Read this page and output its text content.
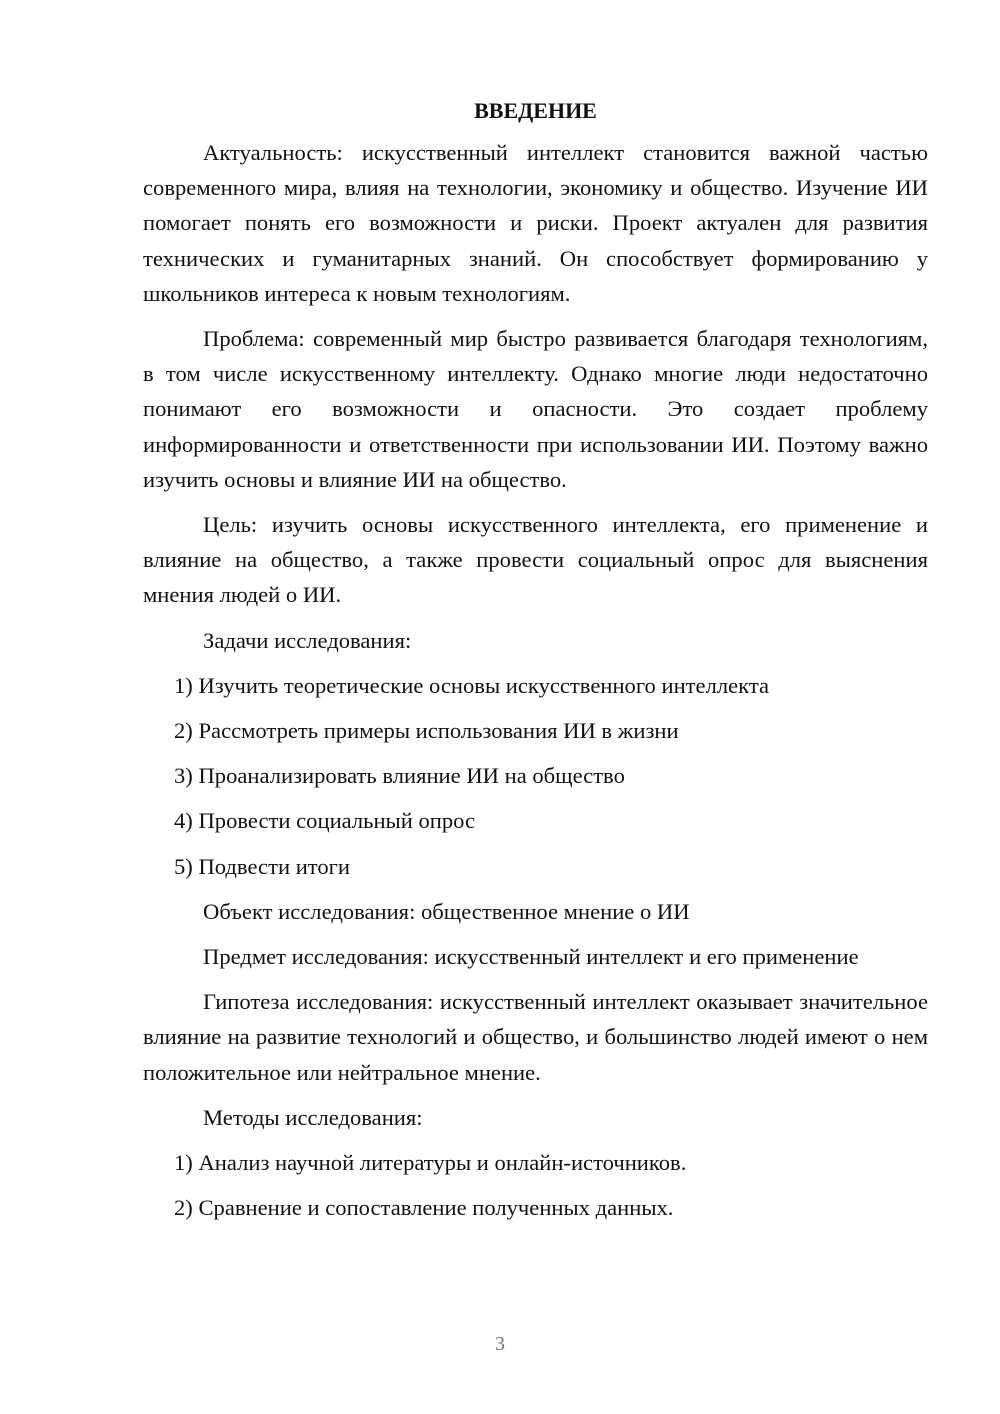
ВВЕДЕНИЕ

Актуальность: искусственный интеллект становится важной частью современного мира, влияя на технологии, экономику и общество. Изучение ИИ помогает понять его возможности и риски. Проект актуален для развития технических и гуманитарных знаний. Он способствует формированию у школьников интереса к новым технологиям.

Проблема: современный мир быстро развивается благодаря технологиям, в том числе искусственному интеллекту. Однако многие люди недостаточно понимают его возможности и опасности. Это создает проблему информированности и ответственности при использовании ИИ. Поэтому важно изучить основы и влияние ИИ на общество.

Цель: изучить основы искусственного интеллекта, его применение и влияние на общество, а также провести социальный опрос для выяснения мнения людей о ИИ.

Задачи исследования:
1) Изучить теоретические основы искусственного интеллекта
2) Рассмотреть примеры использования ИИ в жизни
3) Проанализировать влияние ИИ на общество
4) Провести социальный опрос
5) Подвести итоги
Объект исследования: общественное мнение о ИИ
Предмет исследования: искусственный интеллект и его применение

Гипотеза исследования: искусственный интеллект оказывает значительное влияние на развитие технологий и общество, и большинство людей имеют о нем положительное или нейтральное мнение.

Методы исследования:
1) Анализ научной литературы и онлайн-источников.
2) Сравнение и сопоставление полученных данных.
3
